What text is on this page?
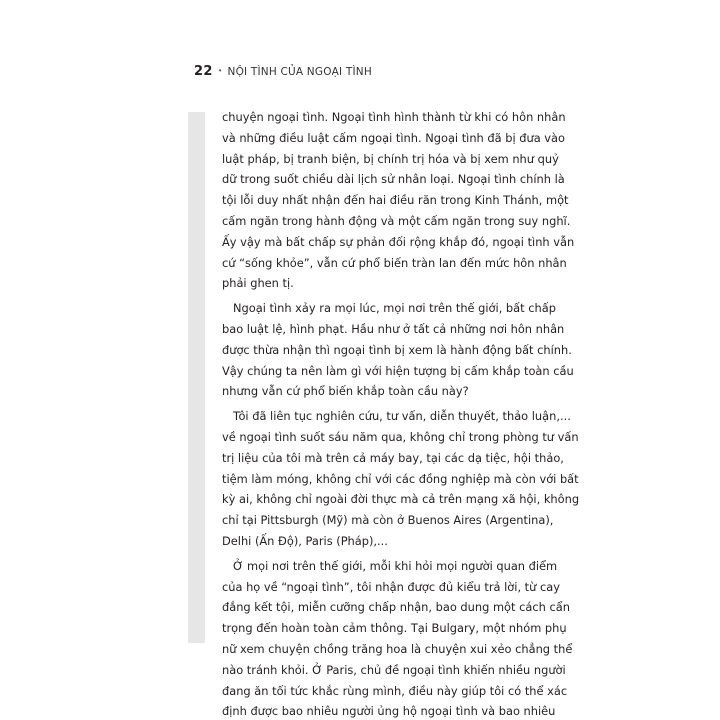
22 • NỘI TÌNH CỦA NGOẠI TÌNH

chuyện ngoại tình. Ngoại tình hình thành từ khi có hôn nhân
và những điều luật cấm ngoại tình. Ngoại tình đã bị đưa vào
luật pháp, bị tranh biện, bị chính trị hóa và bị xem như quỷ
dữ trong suốt chiều dài lịch sử nhân loại. Ngoại tình chính là
tội lỗi duy nhất nhận đến hai điều răn trong Kinh Thánh, một
cấm ngăn trong hành động và một cấm ngăn trong suy nghĩ.
Ấy vậy mà bất chấp sự phản đối rộng khắp đó, ngoại tình vẫn
cứ “sống khỏe”, vẫn cứ phổ biến tràn lan đến mức hôn nhân
phải ghen tị.

Ngoại tình xảy ra mọi lúc, mọi nơi trên thế giới, bất chấp
bao luật lệ, hình phạt. Hầu như ở tất cả những nơi hôn nhân
được thừa nhận thì ngoại tình bị xem là hành động bất chính.
Vậy chúng ta nên làm gì với hiện tượng bị cấm khắp toàn cầu
nhưng vẫn cứ phổ biến khắp toàn cầu này?

Tôi đã liên tục nghiên cứu, tư vấn, diễn thuyết, thảo luận,...
về ngoại tình suốt sáu năm qua, không chỉ trong phòng tư vấn
trị liệu của tôi mà trên cả máy bay, tại các dạ tiệc, hội thảo,
tiệm làm móng, không chỉ với các đồng nghiệp mà còn với bất
kỳ ai, không chỉ ngoài đời thực mà cả trên mạng xã hội, không
chỉ tại Pittsburgh (Mỹ) mà còn ở Buenos Aires (Argentina),
Delhi (Ấn Độ), Paris (Pháp),...

Ở mọi nơi trên thế giới, mỗi khi hỏi mọi người quan điểm
của họ về “ngoại tình”, tôi nhận được đủ kiểu trả lời, từ cay
đắng kết tội, miễn cưỡng chấp nhận, bao dung một cách cẩn
trọng đến hoàn toàn cảm thông. Tại Bulgary, một nhóm phụ
nữ xem chuyện chồng trăng hoa là chuyện xui xẻo chẳng thể
nào tránh khỏi. Ở Paris, chủ đề ngoại tình khiến nhiều người
đang ăn tối tức khắc rùng mình, điều này giúp tôi có thể xác
định được bao nhiêu người ủng hộ ngoại tình và bao nhiêu
